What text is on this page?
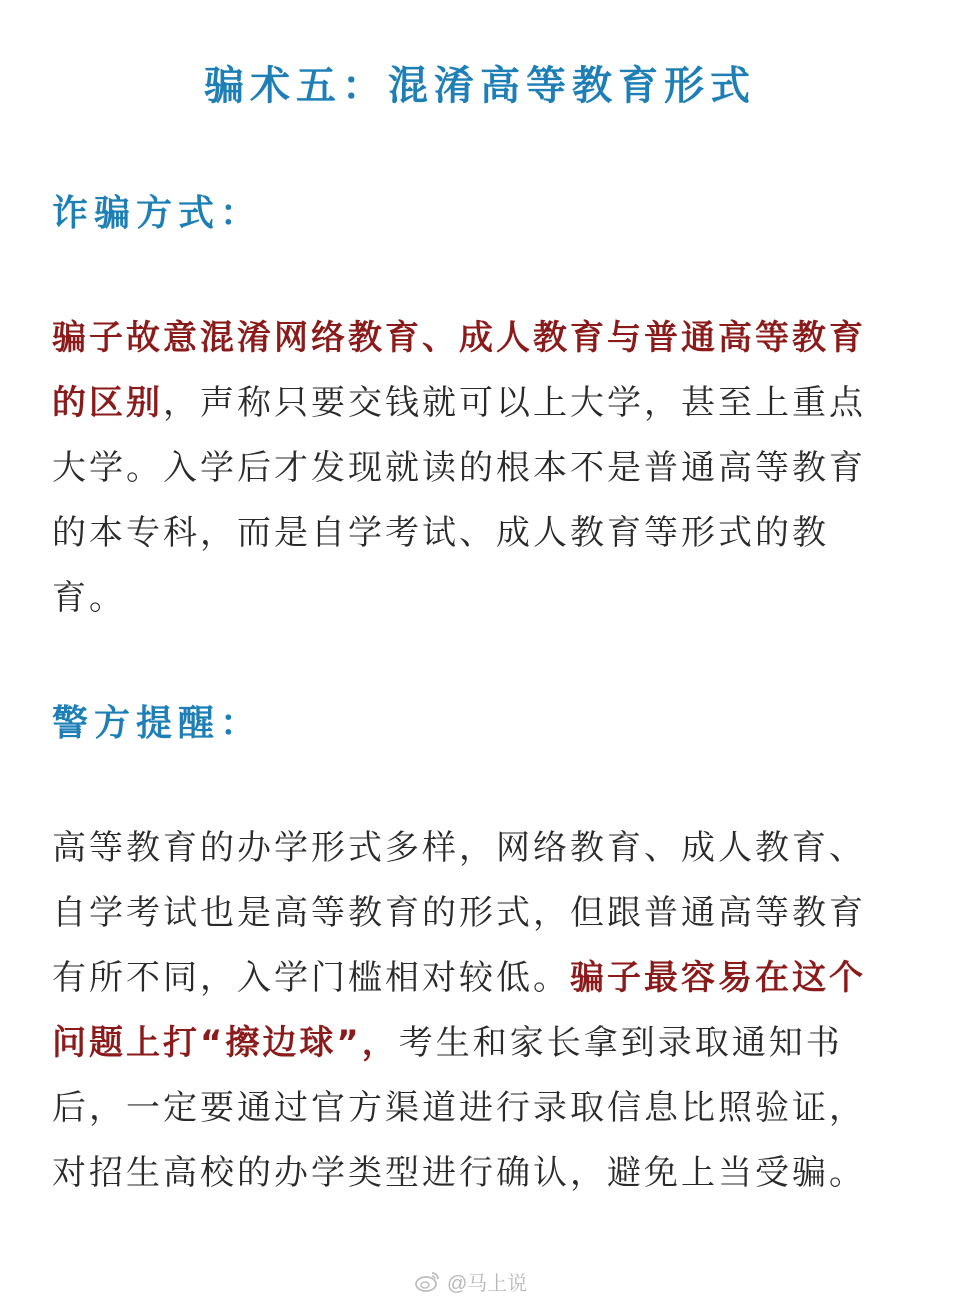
骗术五：混淆高等教育形式
诈骗方式：
骗子故意混淆网络教育、成人教育与普通高等教育的区别，声称只要交钱就可以上大学，甚至上重点大学。入学后才发现就读的根本不是普通高等教育的本专科，而是自学考试、成人教育等形式的教育。
警方提醒：
高等教育的办学形式多样，网络教育、成人教育、自学考试也是高等教育的形式，但跟普通高等教育有所不同，入学门槛相对较低。骗子最容易在这个问题上打“擦边球”，考生和家长拿到录取通知书后，一定要通过官方渠道进行录取信息比照验证，对招生高校的办学类型进行确认，避免上当受骗。
@马上说
